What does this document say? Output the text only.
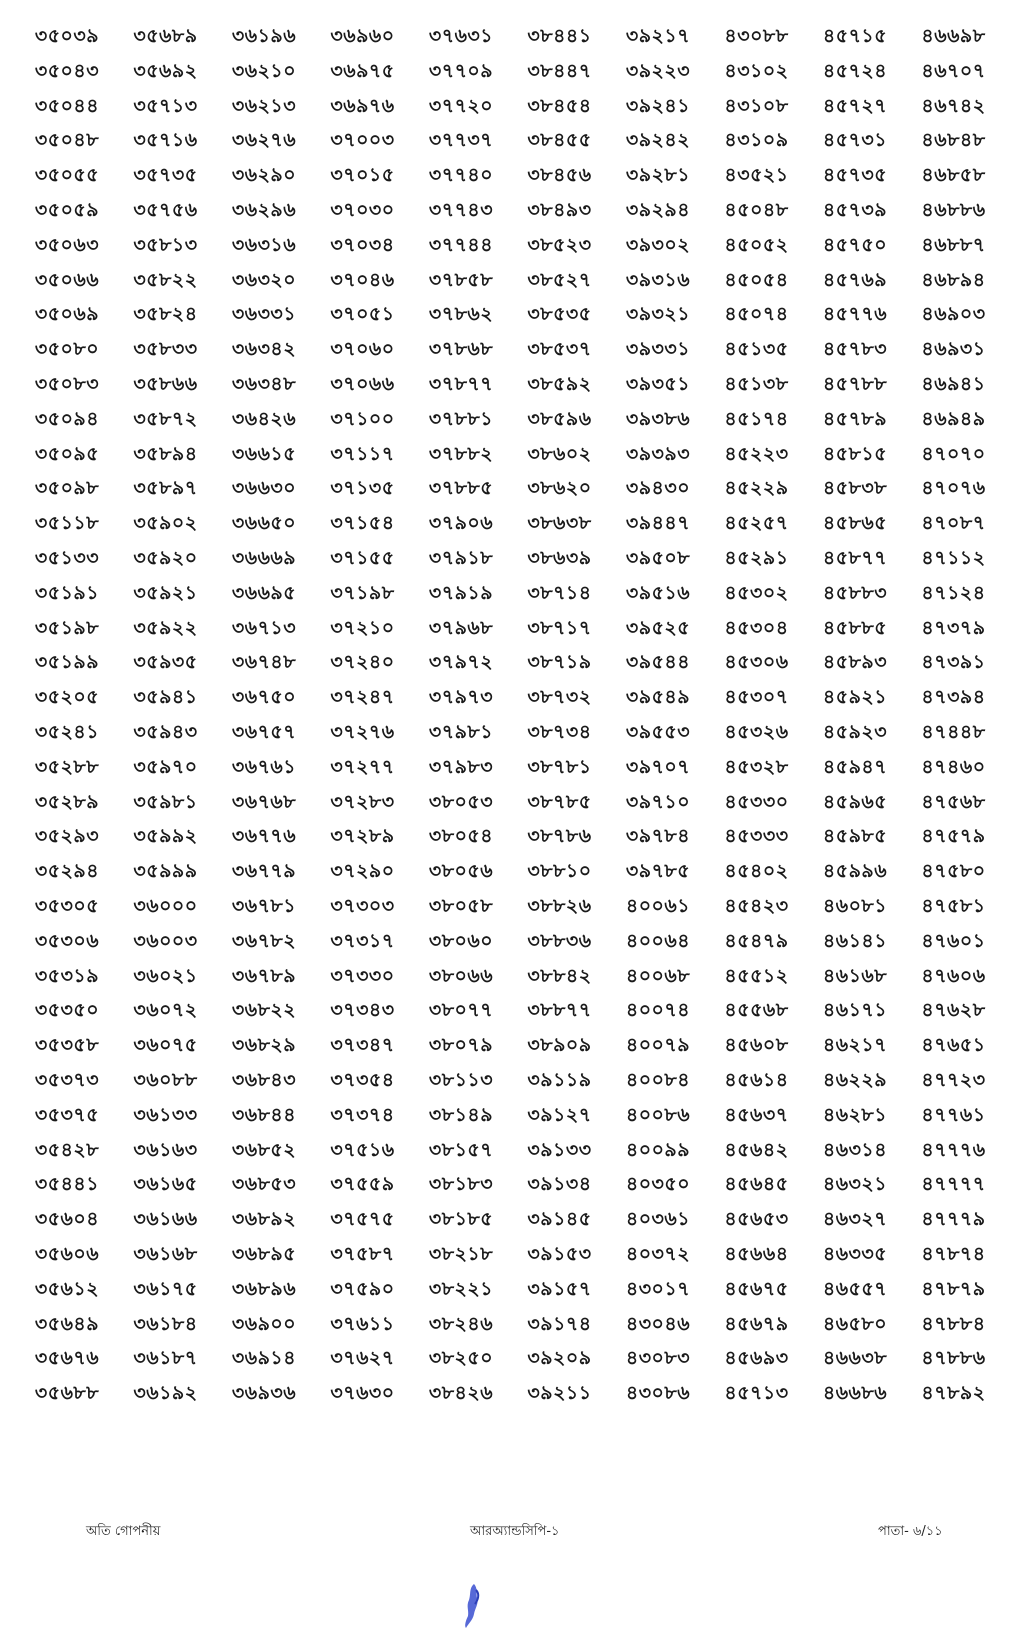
৩৫০৩৯
৩৫০৪৩
৩৫০৪৪
৩৫০৪৮
৩৫০৫৫
৩৫০৫৯
৩৫০৬৩
৩৫০৬৬
৩৫০৬৯
৩৫০৮০
৩৫০৮৩
৩৫০৯৪
৩৫০৯৫
৩৫০৯৮
৩৫১১৮
৩৫১৩৩
৩৫১৯১
৩৫১৯৮
৩৫১৯৯
৩৫২০৫
৩৫২৪১
৩৫২৮৮
৩৫২৮৯
৩৫২৯৩
৩৫২৯৪
৩৫৩০৫
৩৫৩০৬
৩৫৩১৯
৩৫৩৫০
৩৫৩৫৮
৩৫৩৭৩
৩৫৩৭৫
৩৫৪২৮
৩৫৪৪১
৩৫৬০৪
৩৫৬০৬
৩৫৬১২
৩৫৬৪৯
৩৫৬৭৬
৩৫৬৮৮
৩৫৬৮৯
৩৫৬৯২
৩৫৭১৩
৩৫৭১৬
৩৫৭৩৫
৩৫৭৫৬
৩৫৮১৩
৩৫৮২২
৩৫৮২৪
৩৫৮৩৩
৩৫৮৬৬
৩৫৮৭২
৩৫৮৯৪
৩৫৮৯৭
৩৫৯০২
৩৫৯২০
৩৫৯২১
৩৫৯২২
৩৫৯৩৫
৩৫৯৪১
৩৫৯৪৩
৩৫৯৭০
৩৫৯৮১
৩৫৯৯২
৩৫৯৯৯
৩৬০০০
৩৬০০৩
৩৬০২১
৩৬০৭২
৩৬০৭৫
৩৬০৮৮
৩৬১৩৩
৩৬১৬৩
৩৬১৬৫
৩৬১৬৬
৩৬১৬৮
৩৬১৭৫
৩৬১৮৪
৩৬১৮৭
৩৬১৯২
৩৬১৯৬
৩৬২১০
৩৬২১৩
৩৬২৭৬
৩৬২৯০
৩৬২৯৬
৩৬৩১৬
৩৬৩২০
৩৬৩৩১
৩৬৩৪২
৩৬৩৪৮
৩৬৪২৬
৩৬৬১৫
৩৬৬৩০
৩৬৬৫০
৩৬৬৬৯
৩৬৬৯৫
৩৬৭১৩
৩৬৭৪৮
৩৬৭৫০
৩৬৭৫৭
৩৬৭৬১
৩৬৭৬৮
৩৬৭৭৬
৩৬৭৭৯
৩৬৭৮১
৩৬৭৮২
৩৬৭৮৯
৩৬৮২২
৩৬৮২৯
৩৬৮৪৩
৩৬৮৪৪
৩৬৮৫২
৩৬৮৫৩
৩৬৮৯২
৩৬৮৯৫
৩৬৮৯৬
৩৬৯০০
৩৬৯১৪
৩৬৯৩৬
৩৬৯৬০
৩৬৯৭৫
৩৬৯৭৬
৩৭০০৩
৩৭০১৫
৩৭০৩০
৩৭০৩৪
৩৭০৪৬
৩৭০৫১
৩৭০৬০
৩৭০৬৬
৩৭১০০
৩৭১১৭
৩৭১৩৫
৩৭১৫৪
৩৭১৫৫
৩৭১৯৮
৩৭২১০
৩৭২৪০
৩৭২৪৭
৩৭২৭৬
৩৭২৭৭
৩৭২৮৩
৩৭২৮৯
৩৭২৯০
৩৭৩০৩
৩৭৩১৭
৩৭৩৩০
৩৭৩৪৩
৩৭৩৪৭
৩৭৩৫৪
৩৭৩৭৪
৩৭৫১৬
৩৭৫৫৯
৩৭৫৭৫
৩৭৫৮৭
৩৭৫৯০
৩৭৬১১
৩৭৬২৭
৩৭৬৩০
৩৭৬৩১
৩৭৭০৯
৩৭৭২০
৩৭৭৩৭
৩৭৭৪০
৩৭৭৪৩
৩৭৭৪৪
৩৭৮৫৮
৩৭৮৬২
৩৭৮৬৮
৩৭৮৭৭
৩৭৮৮১
৩৭৮৮২
৩৭৮৮৫
৩৭৯০৬
৩৭৯১৮
৩৭৯১৯
৩৭৯৬৮
৩৭৯৭২
৩৭৯৭৩
৩৭৯৮১
৩৭৯৮৩
৩৮০৫৩
৩৮০৫৪
৩৮০৫৬
৩৮০৫৮
৩৮০৬০
৩৮০৬৬
৩৮০৭৭
৩৮০৭৯
৩৮১১৩
৩৮১৪৯
৩৮১৫৭
৩৮১৮৩
৩৮১৮৫
৩৮২১৮
৩৮২২১
৩৮২৪৬
৩৮২৫০
৩৮৪২৬
৩৮৪৪১
৩৮৪৪৭
৩৮৪৫৪
৩৮৪৫৫
৩৮৪৫৬
৩৮৪৯৩
৩৮৫২৩
৩৮৫২৭
৩৮৫৩৫
৩৮৫৩৭
৩৮৫৯২
৩৮৫৯৬
৩৮৬০২
৩৮৬২০
৩৮৬৩৮
৩৮৬৩৯
৩৮৭১৪
৩৮৭১৭
৩৮৭১৯
৩৮৭৩২
৩৮৭৩৪
৩৮৭৮১
৩৮৭৮৫
৩৮৭৮৬
৩৮৮১০
৩৮৮২৬
৩৮৮৩৬
৩৮৮৪২
৩৮৮৭৭
৩৮৯০৯
৩৯১১৯
৩৯১২৭
৩৯১৩৩
৩৯১৩৪
৩৯১৪৫
৩৯১৫৩
৩৯১৫৭
৩৯১৭৪
৩৯২০৯
৩৯২১১
৩৯২১৭
৩৯২২৩
৩৯২৪১
৩৯২৪২
৩৯২৮১
৩৯২৯৪
৩৯৩০২
৩৯৩১৬
৩৯৩২১
৩৯৩৩১
৩৯৩৫১
৩৯৩৮৬
৩৯৩৯৩
৩৯৪৩০
৩৯৪৪৭
৩৯৫০৮
৩৯৫১৬
৩৯৫২৫
৩৯৫৪৪
৩৯৫৪৯
৩৯৫৫৩
৩৯৭০৭
৩৯৭১০
৩৯৭৮৪
৩৯৭৮৫
৪০০৬১
৪০০৬৪
৪০০৬৮
৪০০৭৪
৪০০৭৯
৪০০৮৪
৪০০৮৬
৪০০৯৯
৪০৩৫০
৪০৩৬১
৪০৩৭২
৪৩০১৭
৪৩০৪৬
৪৩০৮৩
৪৩০৮৬
৪৩০৮৮
৪৩১০২
৪৩১০৮
৪৩১০৯
৪৩৫২১
৪৫০৪৮
৪৫০৫২
৪৫০৫৪
৪৫০৭৪
৪৫১৩৫
৪৫১৩৮
৪৫১৭৪
৪৫২২৩
৪৫২২৯
৪৫২৫৭
৪৫২৯১
৪৫৩০২
৪৫৩০৪
৪৫৩০৬
৪৫৩০৭
৪৫৩২৬
৪৫৩২৮
৪৫৩৩০
৪৫৩৩৩
৪৫৪০২
৪৫৪২৩
৪৫৪৭৯
৪৫৫১২
৪৫৫৬৮
৪৫৬০৮
৪৫৬১৪
৪৫৬৩৭
৪৫৬৪২
৪৫৬৪৫
৪৫৬৫৩
৪৫৬৬৪
৪৫৬৭৫
৪৫৬৭৯
৪৫৬৯৩
৪৫৭১৩
৪৫৭১৫
৪৫৭২৪
৪৫৭২৭
৪৫৭৩১
৪৫৭৩৫
৪৫৭৩৯
৪৫৭৫০
৪৫৭৬৯
৪৫৭৭৬
৪৫৭৮৩
৪৫৭৮৮
৪৫৭৮৯
৪৫৮১৫
৪৫৮৩৮
৪৫৮৬৫
৪৫৮৭৭
৪৫৮৮৩
৪৫৮৮৫
৪৫৮৯৩
৪৫৯২১
৪৫৯২৩
৪৫৯৪৭
৪৫৯৬৫
৪৫৯৮৫
৪৫৯৯৬
৪৬০৮১
৪৬১৪১
৪৬১৬৮
৪৬১৭১
৪৬২১৭
৪৬২২৯
৪৬২৮১
৪৬৩১৪
৪৬৩২১
৪৬৩২৭
৪৬৩৩৫
৪৬৫৫৭
৪৬৫৮০
৪৬৬৩৮
৪৬৬৮৬
৪৬৬৯৮
৪৬৭০৭
৪৬৭৪২
৪৬৮৪৮
৪৬৮৫৮
৪৬৮৮৬
৪৬৮৮৭
৪৬৮৯৪
৪৬৯০৩
৪৬৯৩১
৪৬৯৪১
৪৬৯৪৯
৪৭০৭০
৪৭০৭৬
৪৭০৮৭
৪৭১১২
৪৭১২৪
৪৭৩৭৯
৪৭৩৯১
৪৭৩৯৪
৪৭৪৪৮
৪৭৪৬০
৪৭৫৬৮
৪৭৫৭৯
৪৭৫৮০
৪৭৫৮১
৪৭৬০১
৪৭৬০৬
৪৭৬২৮
৪৭৬৫১
৪৭৭২৩
৪৭৭৬১
৪৭৭৭৬
৪৭৭৭৭
৪৭৭৭৯
৪৭৮৭৪
৪৭৮৭৯
৪৭৮৮৪
৪৭৮৮৬
৪৭৮৯২
অতি গোপনীয়	আরঅ্যান্ডসিপি-১	পাতা- ৬/১১
